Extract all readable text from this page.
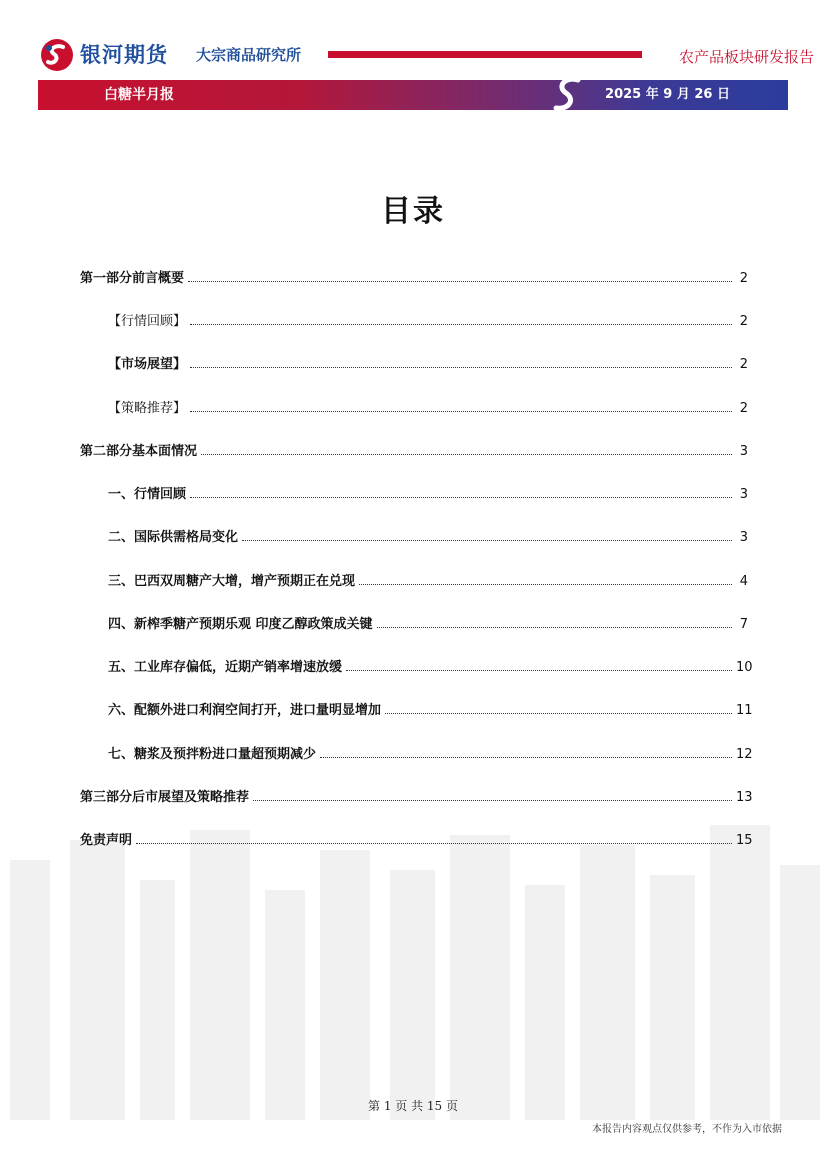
银河期货 大宗商品研究所	农产品板块研发报告
白糖半月报	2025 年 9 月 26 日
目录
第一部分前言概要	2
【行情回顾】	2
【市场展望】	2
【策略推荐】	2
第二部分基本面情况	3
一、行情回顾	3
二、国际供需格局变化	3
三、巴西双周糖产大增，增产预期正在兑现	4
四、新榨季糖产预期乐观 印度乙醇政策成关键	7
五、工业库存偏低，近期产销率增速放缓	10
六、配额外进口利润空间打开，进口量明显增加	11
七、糖浆及预拌粉进口量超预期减少	12
第三部分后市展望及策略推荐	13
免责声明	15
第 1 页 共 15 页
本报告内容观点仅供参考，不作为入市依据
